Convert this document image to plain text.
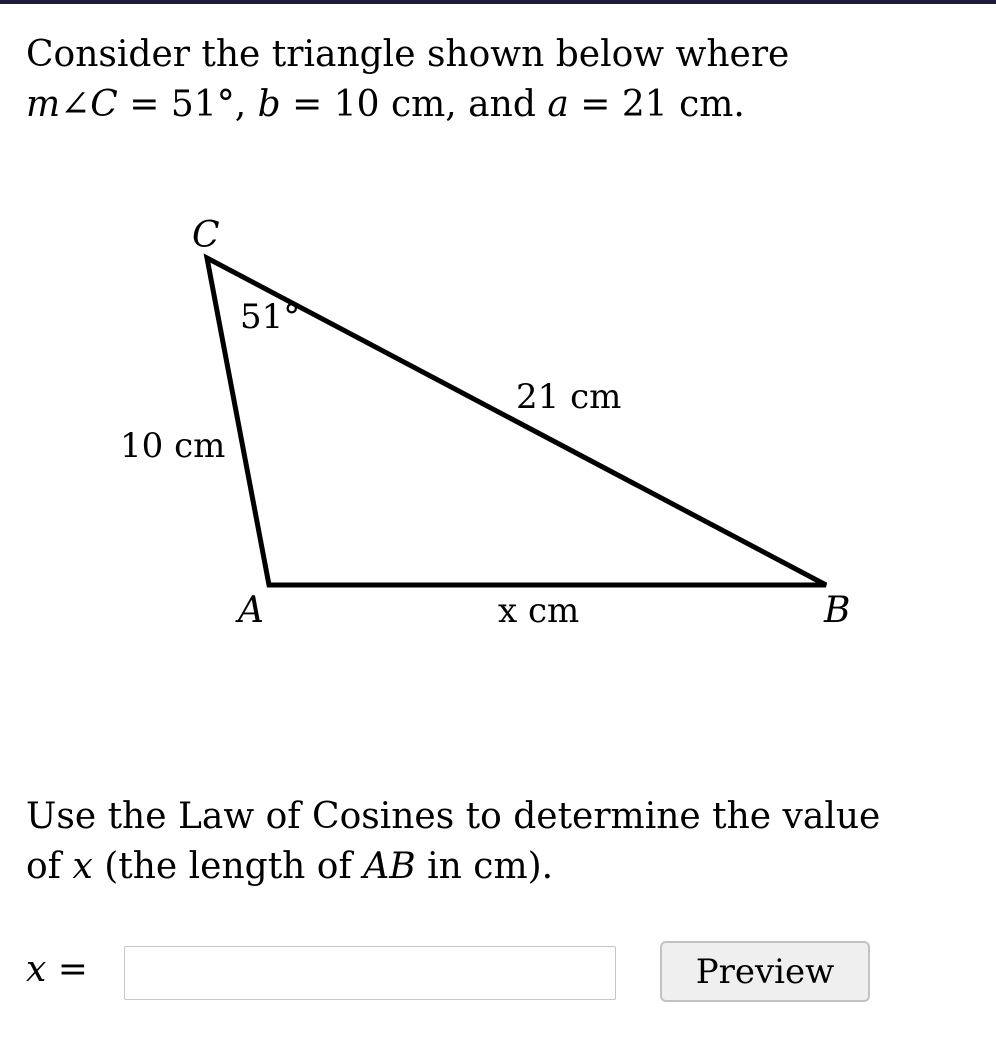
Consider the triangle shown below where
m∠C = 51°, b = 10 cm, and a = 21 cm.

C
A	B
51°
10 cm
21 cm
x cm

Use the Law of Cosines to determine the value
of x (the length of AB in cm).

x =	Preview
